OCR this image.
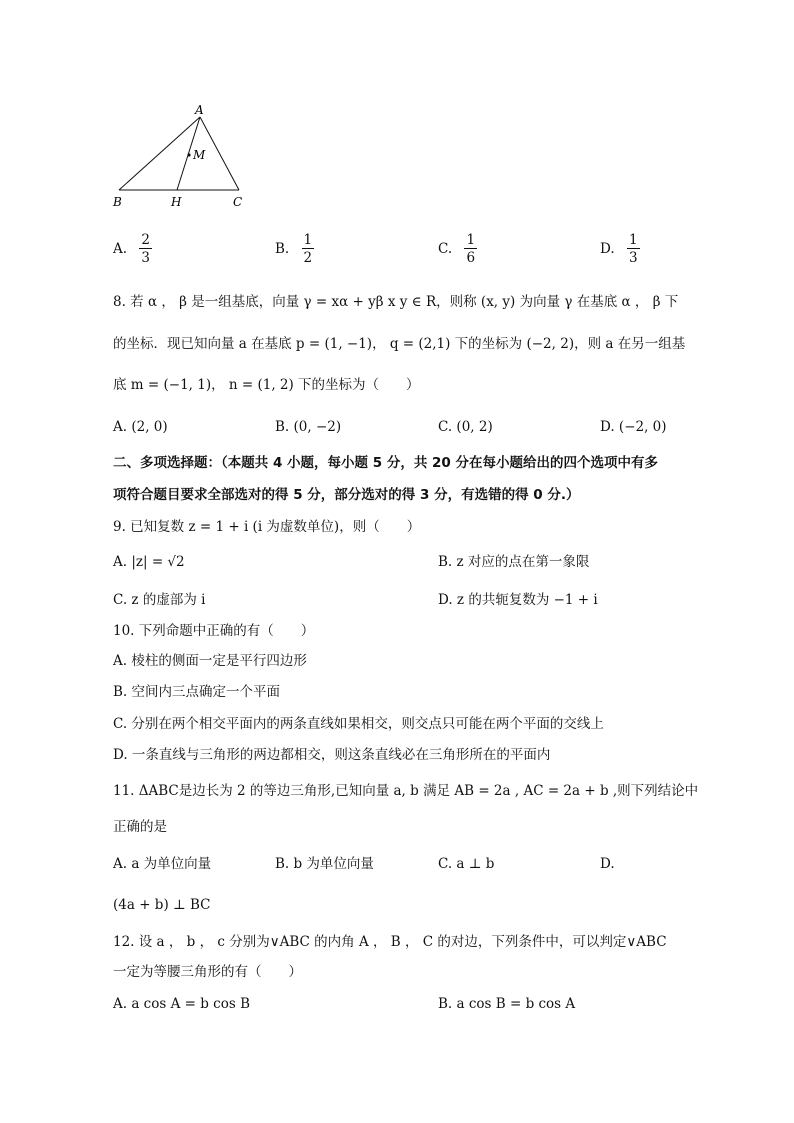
A
M
B	H	C
A. $\frac{2}{3}$	B. $\frac{1}{2}$	C. $\frac{1}{6}$	D. $\frac{1}{3}$
8. 若 α ， β 是一组基底，向量 γ = xα + yβ x y ∈ R，则称 (x, y) 为向量 γ 在基底 α ， β 下
的坐标．现已知向量 a 在基底 p = (1, −1)， q = (2,1) 下的坐标为 (−2, 2)，则 a 在另一组基
底 m = (−1, 1)， n = (1, 2) 下的坐标为（　　）
A. (2, 0)	B. (0, −2)	C. (0, 2)	D. (−2, 0)
二、多项选择题：（本题共 4 小题，每小题 5 分，共 20 分在每小题给出的四个选项中有多
项符合题目要求全部选对的得 5 分，部分选对的得 3 分，有选错的得 0 分.）
9. 已知复数 z = 1 + i (i 为虚数单位)，则（　　）
A. |z| = √2	B. z 对应的点在第一象限
C. z 的虚部为 i	D. z 的共轭复数为 −1 + i
10. 下列命题中正确的有（　　）
A. 棱柱的侧面一定是平行四边形
B. 空间内三点确定一个平面
C. 分别在两个相交平面内的两条直线如果相交，则交点只可能在两个平面的交线上
D. 一条直线与三角形的两边都相交，则这条直线必在三角形所在的平面内
11. ΔABC是边长为 2 的等边三角形,已知向量 a, b 满足 AB = 2a , AC = 2a + b ,则下列结论中
正确的是
A. a 为单位向量	B. b 为单位向量	C. a ⊥ b	D.
(4a + b) ⊥ BC
12. 设 a ， b ， c 分别为∨ABC 的内角 A ， B ， C 的对边，下列条件中，可以判定∨ABC
一定为等腰三角形的有（　　）
A. a cos A = b cos B	B. a cos B = b cos A
